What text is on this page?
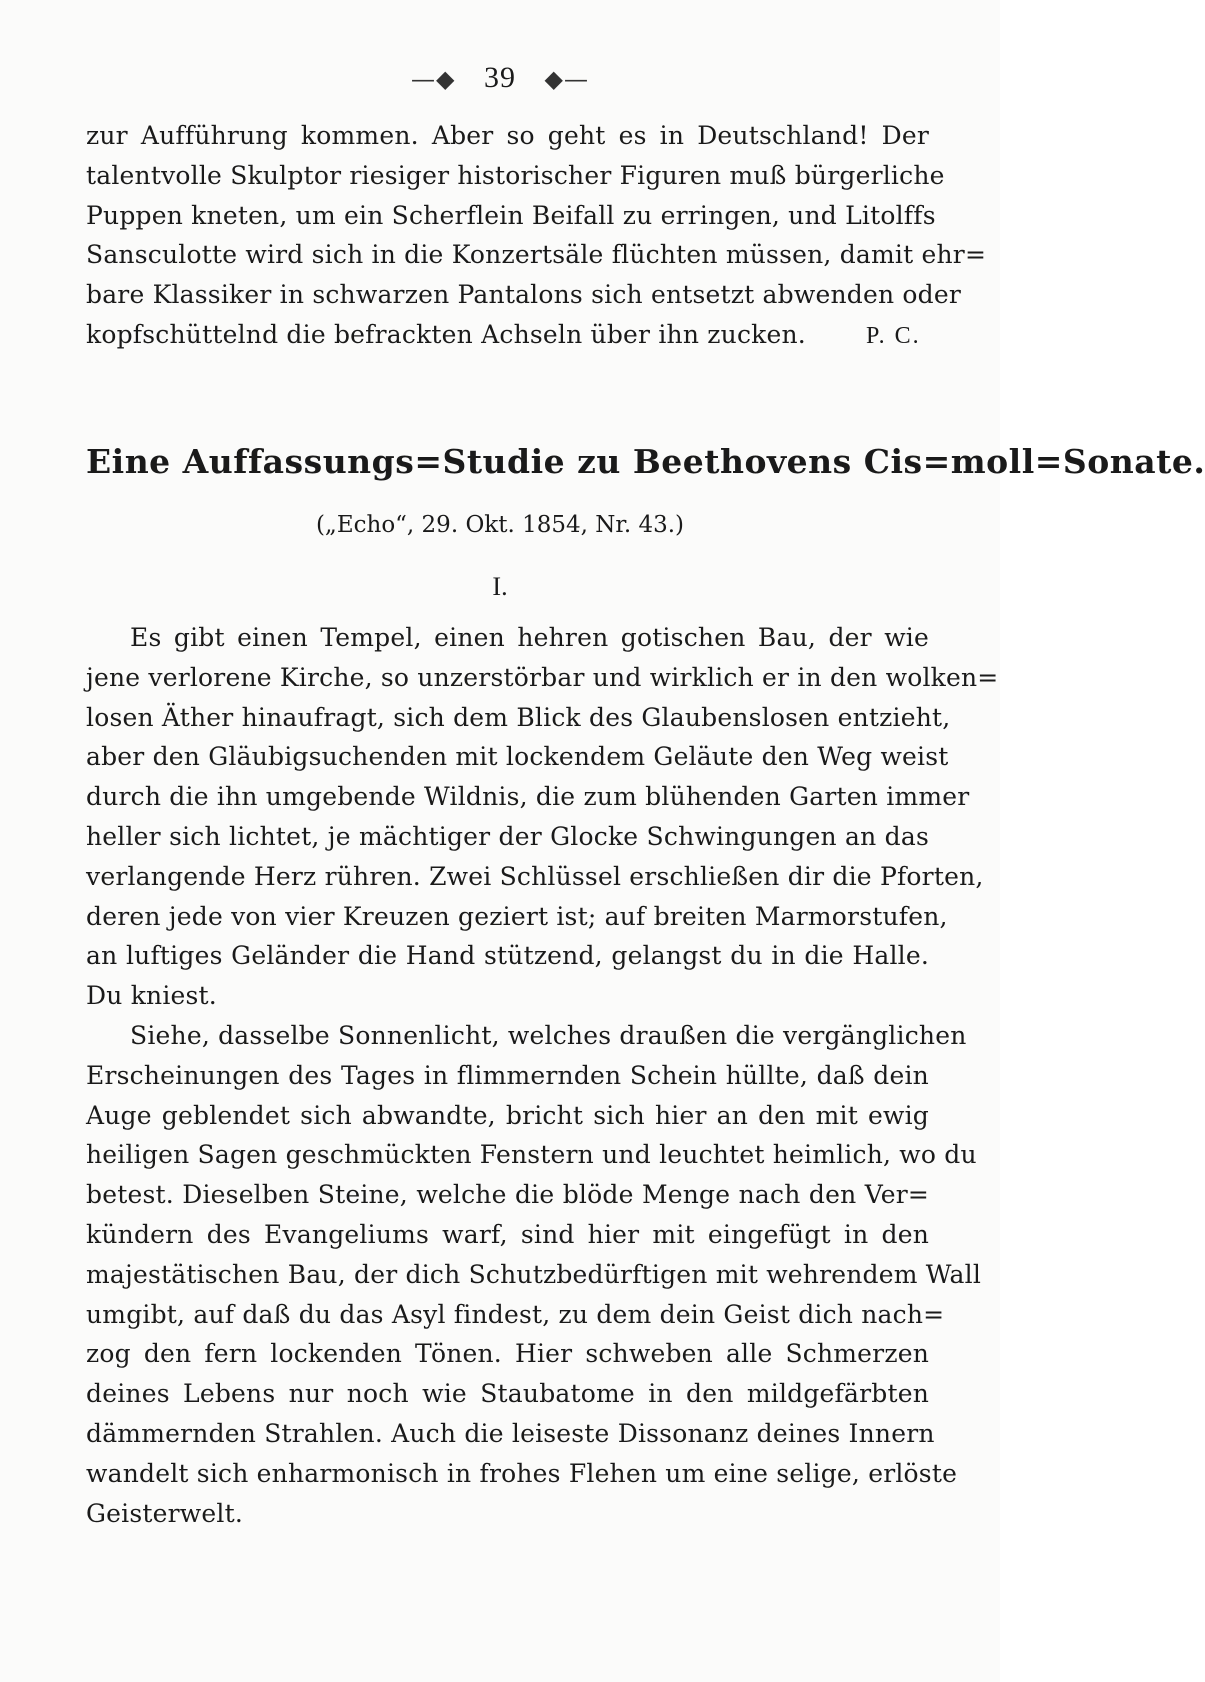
—◆ 39 ◆—
zur Aufführung kommen. Aber so geht es in Deutschland! Der
talentvolle Skulptor riesiger historischer Figuren muß bürgerliche
Puppen kneten, um ein Scherflein Beifall zu erringen, und Litolffs
Sansculotte wird sich in die Konzertsäle flüchten müssen, damit ehr=
bare Klassiker in schwarzen Pantalons sich entsetzt abwenden oder
kopfschüttelnd die befrackten Achseln über ihn zucken.	P. C.
Eine Auffassungs=Studie zu Beethovens Cis=moll=Sonate.
(„Echo“, 29. Okt. 1854, Nr. 43.)
I.
Es gibt einen Tempel, einen hehren gotischen Bau, der wie
jene verlorene Kirche, so unzerstörbar und wirklich er in den wolken=
losen Äther hinaufragt, sich dem Blick des Glaubenslosen entzieht,
aber den Gläubigsuchenden mit lockendem Geläute den Weg weist
durch die ihn umgebende Wildnis, die zum blühenden Garten immer
heller sich lichtet, je mächtiger der Glocke Schwingungen an das
verlangende Herz rühren. Zwei Schlüssel erschließen dir die Pforten,
deren jede von vier Kreuzen geziert ist; auf breiten Marmorstufen,
an luftiges Geländer die Hand stützend, gelangst du in die Halle.
Du kniest.
Siehe, dasselbe Sonnenlicht, welches draußen die vergänglichen
Erscheinungen des Tages in flimmernden Schein hüllte, daß dein
Auge geblendet sich abwandte, bricht sich hier an den mit ewig
heiligen Sagen geschmückten Fenstern und leuchtet heimlich, wo du
betest. Dieselben Steine, welche die blöde Menge nach den Ver=
kündern des Evangeliums warf, sind hier mit eingefügt in den
majestätischen Bau, der dich Schutzbedürftigen mit wehrendem Wall
umgibt, auf daß du das Asyl findest, zu dem dein Geist dich nach=
zog den fern lockenden Tönen. Hier schweben alle Schmerzen
deines Lebens nur noch wie Staubatome in den mildgefärbten
dämmernden Strahlen. Auch die leiseste Dissonanz deines Innern
wandelt sich enharmonisch in frohes Flehen um eine selige, erlöste
Geisterwelt.
